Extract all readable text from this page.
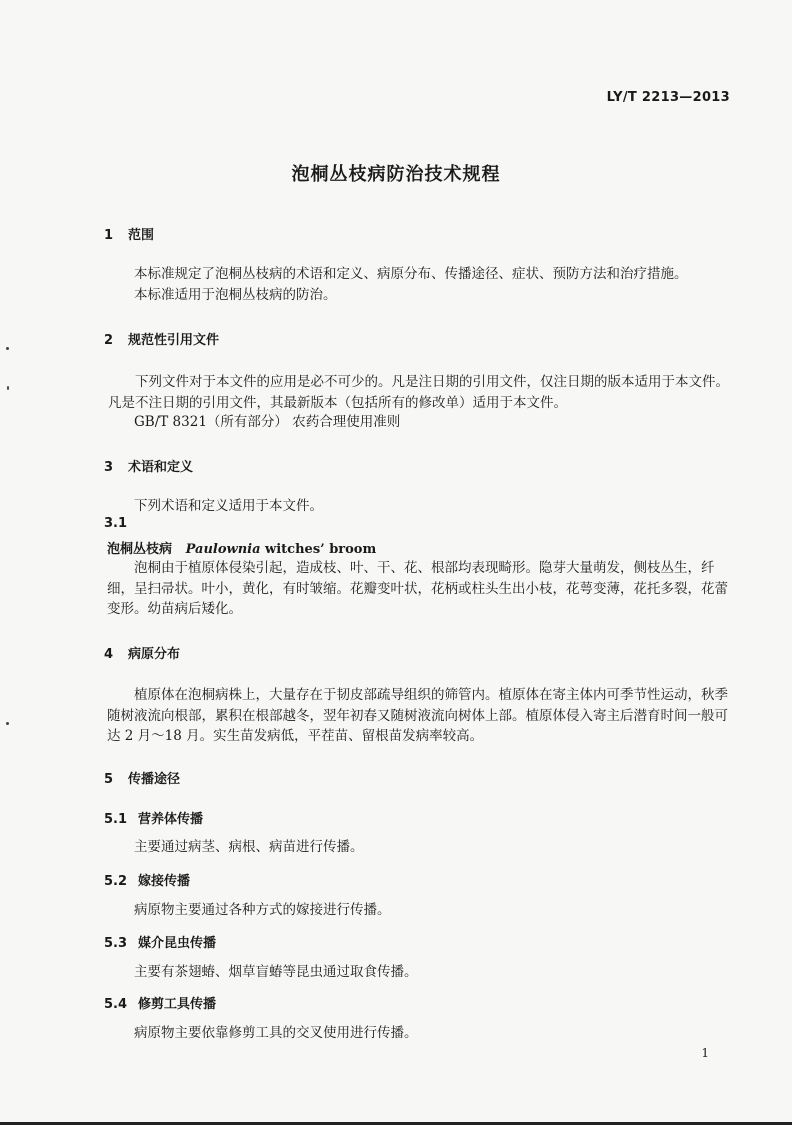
LY/T 2213—2013
泡桐丛枝病防治技术规程
1 范围
本标准规定了泡桐丛枝病的术语和定义、病原分布、传播途径、症状、预防方法和治疗措施。
本标准适用于泡桐丛枝病的防治。
2 规范性引用文件
下列文件对于本文件的应用是必不可少的。凡是注日期的引用文件，仅注日期的版本适用于本文件。凡是不注日期的引用文件，其最新版本（包括所有的修改单）适用于本文件。
GB/T 8321（所有部分） 农药合理使用准则
3 术语和定义
下列术语和定义适用于本文件。
3.1
泡桐丛枝病 Paulownia witches’ broom
泡桐由于植原体侵染引起，造成枝、叶、干、花、根部均表现畸形。隐芽大量萌发，侧枝丛生，纤细，呈扫帚状。叶小，黄化，有时皱缩。花瓣变叶状，花柄或柱头生出小枝，花萼变薄，花托多裂，花蕾变形。幼苗病后矮化。
4 病原分布
植原体在泡桐病株上，大量存在于韧皮部疏导组织的筛管内。植原体在寄主体内可季节性运动，秋季随树液流向根部，累积在根部越冬，翌年初春又随树液流向树体上部。植原体侵入寄主后潜育时间一般可达 2 月～18 月。实生苗发病低，平茬苗、留根苗发病率较高。
5 传播途径
5.1 营养体传播
主要通过病茎、病根、病苗进行传播。
5.2 嫁接传播
病原物主要通过各种方式的嫁接进行传播。
5.3 媒介昆虫传播
主要有茶翅蝽、烟草盲蝽等昆虫通过取食传播。
5.4 修剪工具传播
病原物主要依靠修剪工具的交叉使用进行传播。
1
